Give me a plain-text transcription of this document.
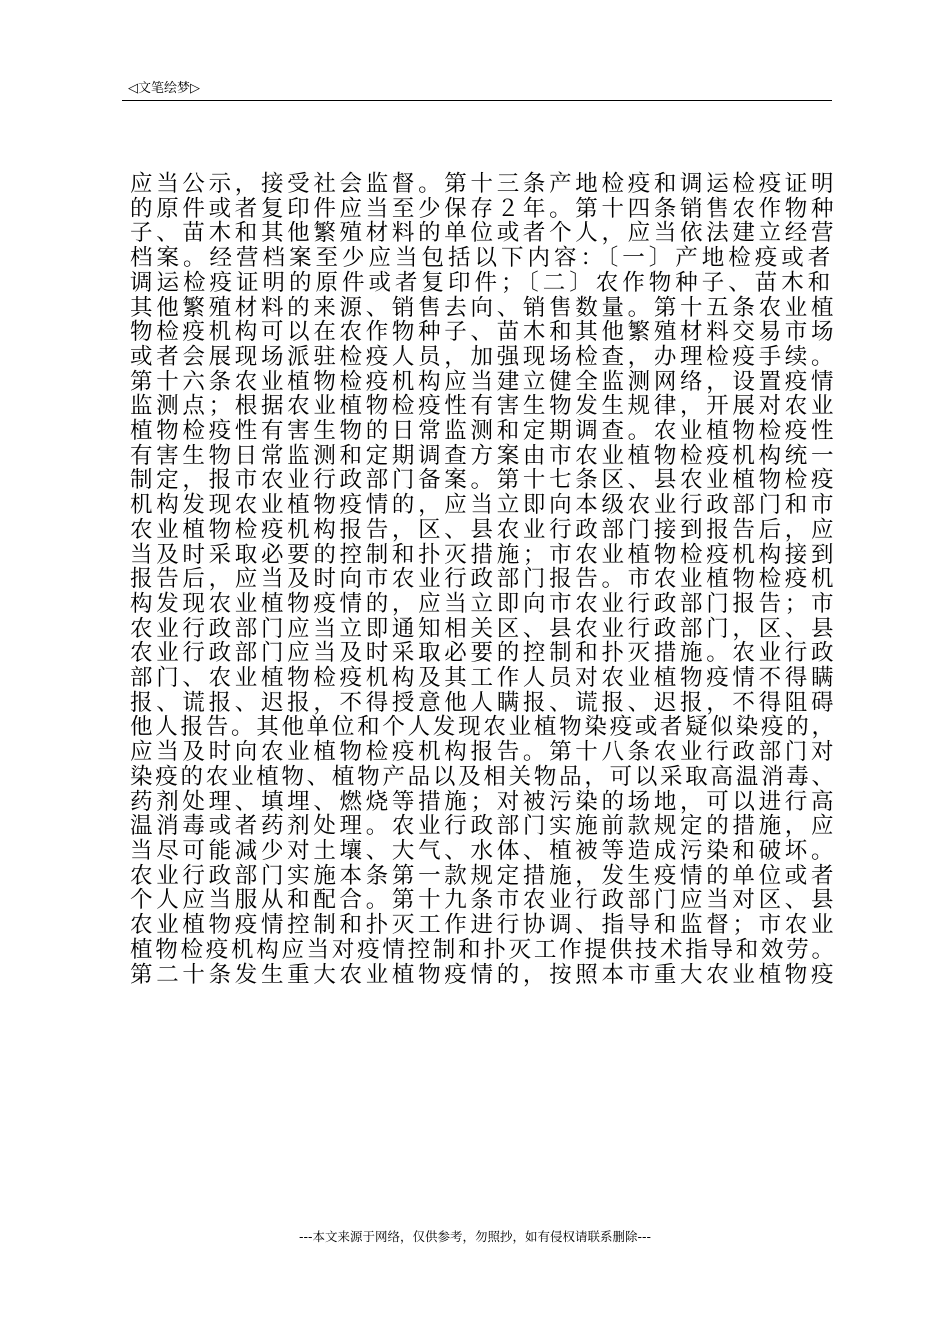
◁文笔绘梦▷
应当公示，接受社会监督。第十三条产地检疫和调运检疫证明
的原件或者复印件应当至少保存２年。第十四条销售农作物种
子、苗木和其他繁殖材料的单位或者个人，应当依法建立经营
档案。经营档案至少应当包括以下内容：〔一〕产地检疫或者
调运检疫证明的原件或者复印件；〔二〕农作物种子、苗木和
其他繁殖材料的来源、销售去向、销售数量。第十五条农业植
物检疫机构可以在农作物种子、苗木和其他繁殖材料交易市场
或者会展现场派驻检疫人员，加强现场检查，办理检疫手续。
第十六条农业植物检疫机构应当建立健全监测网络，设置疫情
监测点；根据农业植物检疫性有害生物发生规律，开展对农业
植物检疫性有害生物的日常监测和定期调查。农业植物检疫性
有害生物日常监测和定期调查方案由市农业植物检疫机构统一
制定，报市农业行政部门备案。第十七条区、县农业植物检疫
机构发现农业植物疫情的，应当立即向本级农业行政部门和市
农业植物检疫机构报告，区、县农业行政部门接到报告后，应
当及时采取必要的控制和扑灭措施；市农业植物检疫机构接到
报告后，应当及时向市农业行政部门报告。市农业植物检疫机
构发现农业植物疫情的，应当立即向市农业行政部门报告；市
农业行政部门应当立即通知相关区、县农业行政部门，区、县
农业行政部门应当及时采取必要的控制和扑灭措施。农业行政
部门、农业植物检疫机构及其工作人员对农业植物疫情不得瞒
报、谎报、迟报，不得授意他人瞒报、谎报、迟报，不得阻碍
他人报告。其他单位和个人发现农业植物染疫或者疑似染疫的，
应当及时向农业植物检疫机构报告。第十八条农业行政部门对
染疫的农业植物、植物产品以及相关物品，可以采取高温消毒、
药剂处理、填埋、燃烧等措施；对被污染的场地，可以进行高
温消毒或者药剂处理。农业行政部门实施前款规定的措施，应
当尽可能减少对土壤、大气、水体、植被等造成污染和破坏。
农业行政部门实施本条第一款规定措施，发生疫情的单位或者
个人应当服从和配合。第十九条市农业行政部门应当对区、县
农业植物疫情控制和扑灭工作进行协调、指导和监督；市农业
植物检疫机构应当对疫情控制和扑灭工作提供技术指导和效劳。
第二十条发生重大农业植物疫情的，按照本市重大农业植物疫
---本文来源于网络，仅供参考，勿照抄，如有侵权请联系删除---
